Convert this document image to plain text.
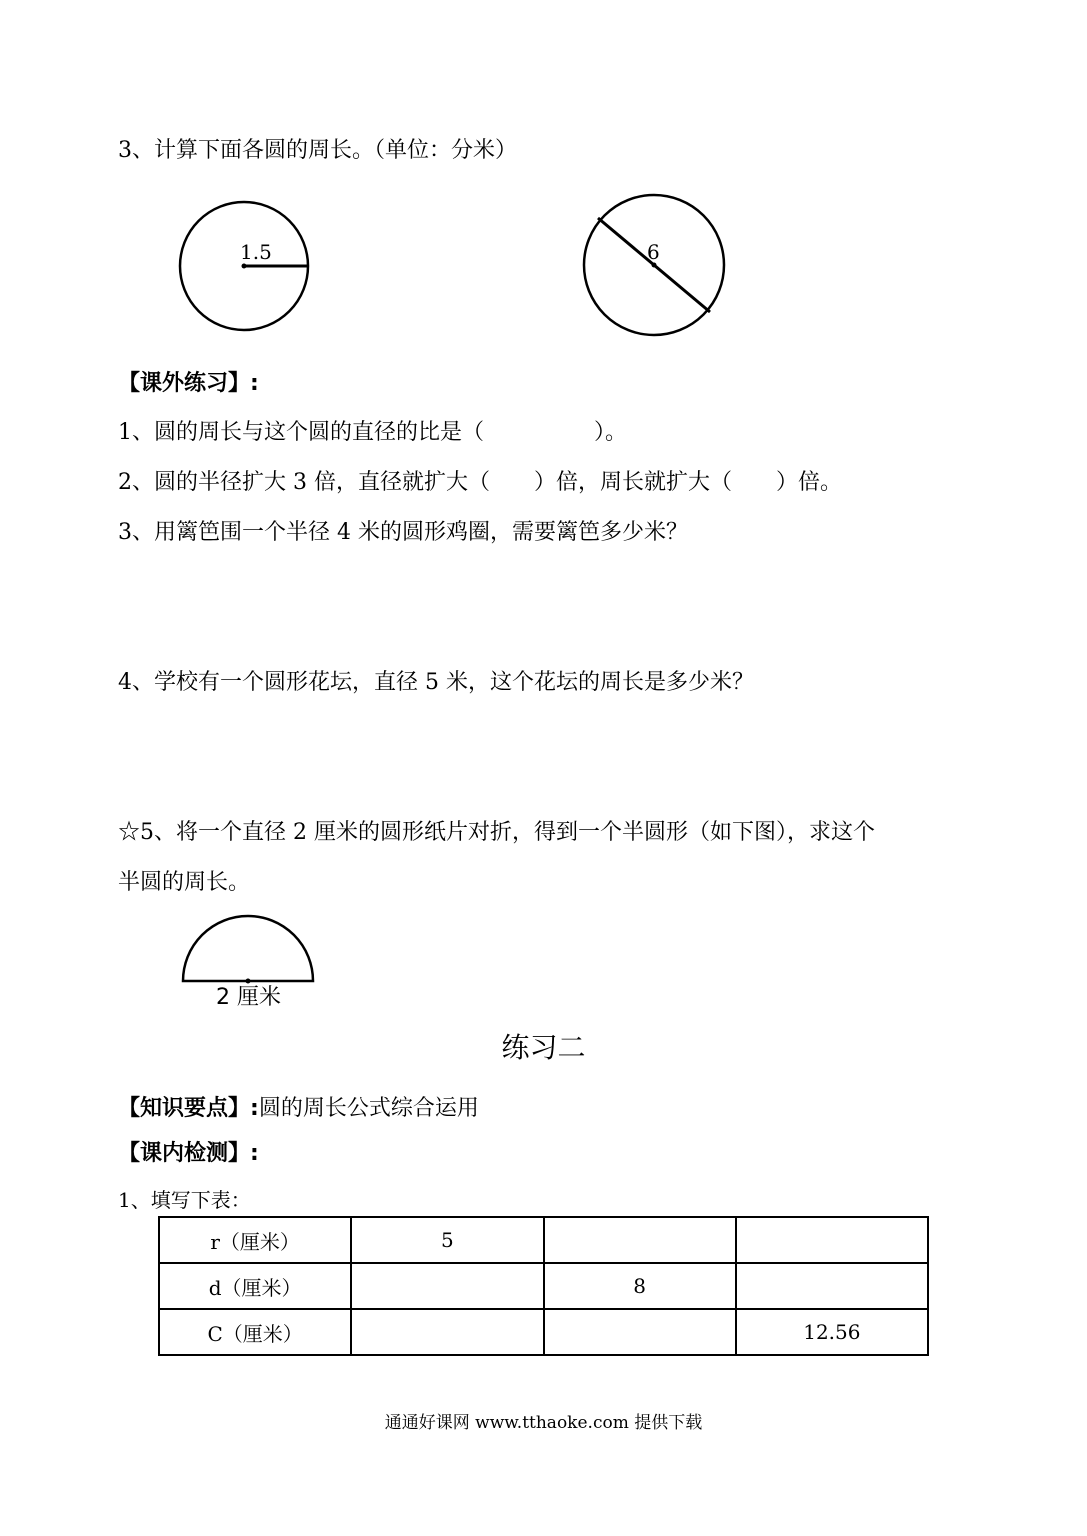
3、计算下面各圆的周长。（单位：分米）
1.5	6
【课外练习】:
1、圆的周长与这个圆的直径的比是（　　　　　）。
2、圆的半径扩大 3 倍，直径就扩大（　　）倍，周长就扩大（　　）倍。
3、用篱笆围一个半径 4 米的圆形鸡圈，需要篱笆多少米？
4、学校有一个圆形花坛，直径 5 米，这个花坛的周长是多少米？
☆5、将一个直径 2 厘米的圆形纸片对折，得到一个半圆形（如下图），求这个
半圆的周长。
2 厘米
练习二
【知识要点】:圆的周长公式综合运用
【课内检测】:
1、填写下表：
r（厘米）	5		
d（厘米）		8	
C（厘米）			12.56
通通好课网 www.tthaoke.com 提供下载
